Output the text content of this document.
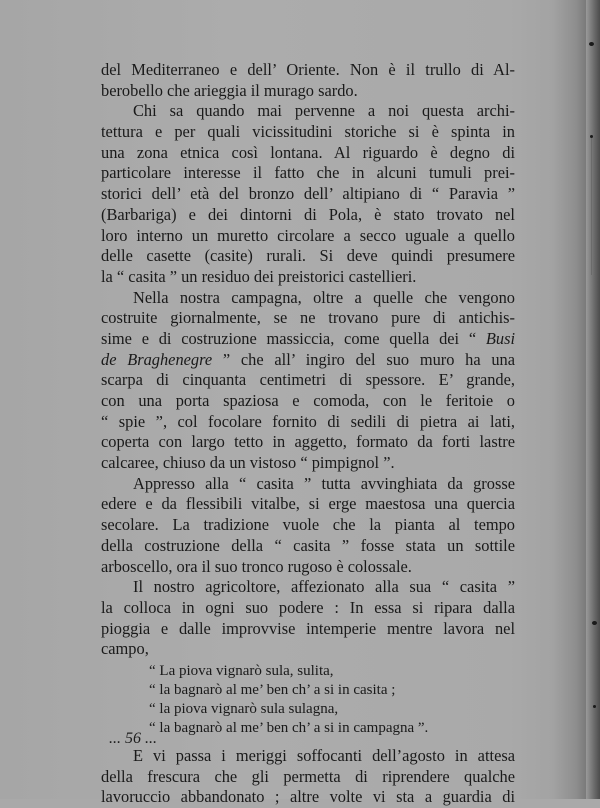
del Mediterraneo e dell’ Oriente. Non è il trullo di Al-
berobello che arieggia il murago sardo.
Chi sa quando mai pervenne a noi questa archi-
tettura e per quali vicissitudini storiche si è spinta in
una zona etnica così lontana. Al riguardo è degno di
particolare interesse il fatto che in alcuni tumuli prei-
storici dell’ età del bronzo dell’ altipiano di “ Paravia ”
(Barbariga) e dei dintorni di Pola, è stato trovato nel
loro interno un muretto circolare a secco uguale a quello
delle casette (casite) rurali. Si deve quindi presumere
la “ casita ” un residuo dei preistorici castellieri.
Nella nostra campagna, oltre a quelle che vengono
costruite giornalmente, se ne trovano pure di antichis-
sime e di costruzione massiccia, come quella dei “ Busi
de Braghenegre ” che all’ ingiro del suo muro ha una
scarpa di cinquanta centimetri di spessore. E’ grande,
con una porta spaziosa e comoda, con le feritoie o
“ spie ”, col focolare fornito di sedili di pietra ai lati,
coperta con largo tetto in aggetto, formato da forti lastre
calcaree, chiuso da un vistoso “ pimpignol ”.
Appresso alla “ casita ” tutta avvinghiata da grosse
edere e da flessibili vitalbe, si erge maestosa una quercia
secolare. La tradizione vuole che la pianta al tempo
della costruzione della “ casita ” fosse stata un sottile
arboscello, ora il suo tronco rugoso è colossale.
Il nostro agricoltore, affezionato alla sua “ casita ”
la colloca in ogni suo podere : In essa si ripara dalla
pioggia e dalle improvvise intemperie mentre lavora nel
campo,
“ La piova vignarò sula, sulita,
“ la bagnarò al me’ ben ch’ a si in casita ;
“ la piova vignarò sula sulagna,
“ la bagnarò al me’ ben ch’ a si in campagna ”.
E vi passa i meriggi soffocanti dell’agosto in attesa
della frescura che gli permetta di riprendere qualche
lavoruccio abbandonato ; altre volte vi sta a guardia di
... 56 ...
